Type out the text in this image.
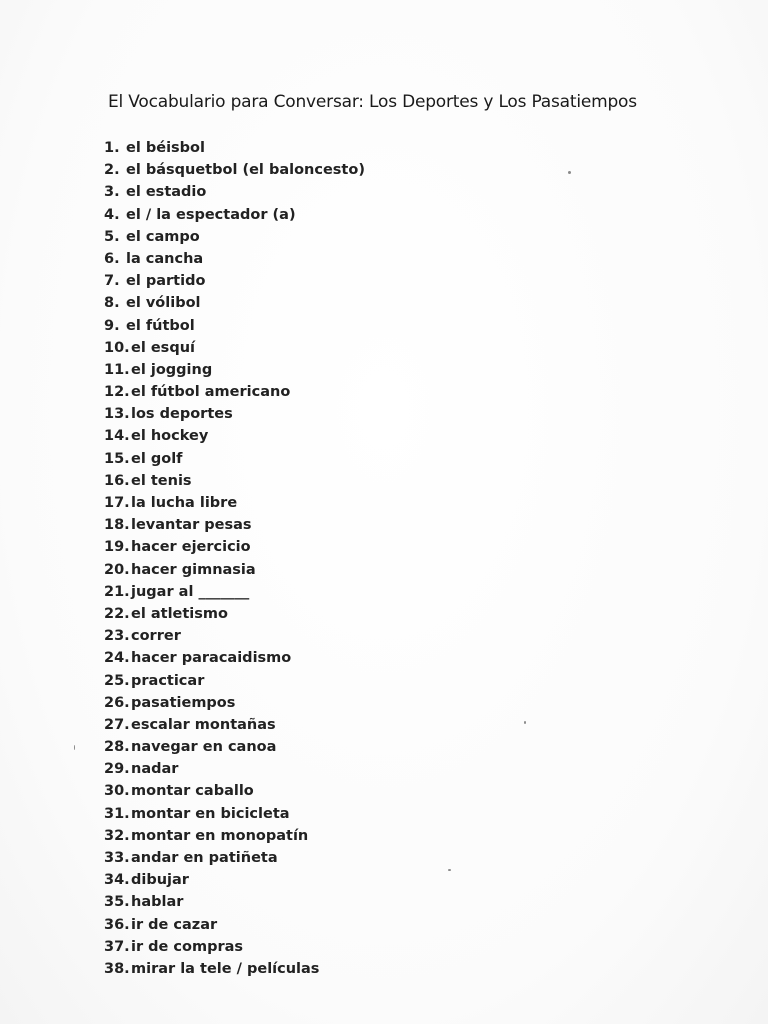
El Vocabulario para Conversar: Los Deportes y Los Pasatiempos
1. el béisbol
2. el básquetbol (el baloncesto)
3. el estadio
4. el / la espectador (a)
5. el campo
6. la cancha
7. el partido
8. el vólibol
9. el fútbol
10. el esquí
11. el jogging
12. el fútbol americano
13. los deportes
14. el hockey
15. el golf
16. el tenis
17. la lucha libre
18. levantar pesas
19. hacer ejercicio
20. hacer gimnasia
21. jugar al _______
22. el atletismo
23. correr
24. hacer paracaidismo
25. practicar
26. pasatiempos
27. escalar montañas
28. navegar en canoa
29. nadar
30. montar caballo
31. montar en bicicleta
32. montar en monopatín
33. andar en patiñeta
34. dibujar
35. hablar
36. ir de cazar
37. ir de compras
38. mirar la tele / películas
